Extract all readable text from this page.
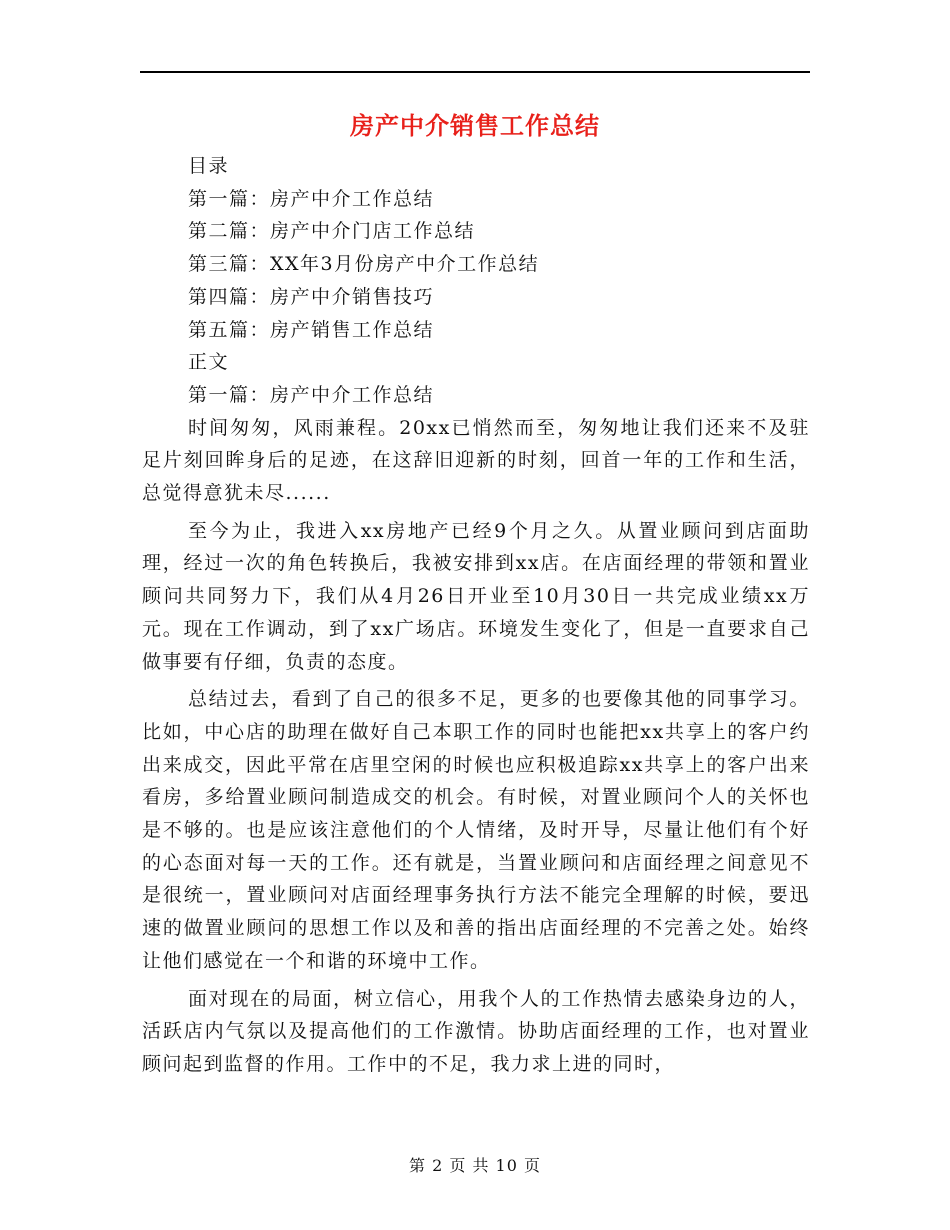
房产中介销售工作总结
目录
第一篇：房产中介工作总结
第二篇：房产中介门店工作总结
第三篇：XX年3月份房产中介工作总结
第四篇：房产中介销售技巧
第五篇：房产销售工作总结
正文
第一篇：房产中介工作总结

时间匆匆，风雨兼程。20xx已悄然而至，匆匆地让我们还来不及驻足片刻回眸身后的足迹，在这辞旧迎新的时刻，回首一年的工作和生活，总觉得意犹未尽......

至今为止，我进入xx房地产已经9个月之久。从置业顾问到店面助理，经过一次的角色转换后，我被安排到xx店。在店面经理的带领和置业顾问共同努力下，我们从4月26日开业至10月30日一共完成业绩xx万元。现在工作调动，到了xx广场店。环境发生变化了，但是一直要求自己做事要有仔细，负责的态度。

总结过去，看到了自己的很多不足，更多的也要像其他的同事学习。比如，中心店的助理在做好自己本职工作的同时也能把xx共享上的客户约出来成交，因此平常在店里空闲的时候也应积极追踪xx共享上的客户出来看房，多给置业顾问制造成交的机会。有时候，对置业顾问个人的关怀也是不够的。也是应该注意他们的个人情绪，及时开导，尽量让他们有个好的心态面对每一天的工作。还有就是，当置业顾问和店面经理之间意见不是很统一，置业顾问对店面经理事务执行方法不能完全理解的时候，要迅速的做置业顾问的思想工作以及和善的指出店面经理的不完善之处。始终让他们感觉在一个和谐的环境中工作。

面对现在的局面，树立信心，用我个人的工作热情去感染身边的人，活跃店内气氛以及提高他们的工作激情。协助店面经理的工作，也对置业顾问起到监督的作用。工作中的不足，我力求上进的同时，

第 2 页 共 10 页
